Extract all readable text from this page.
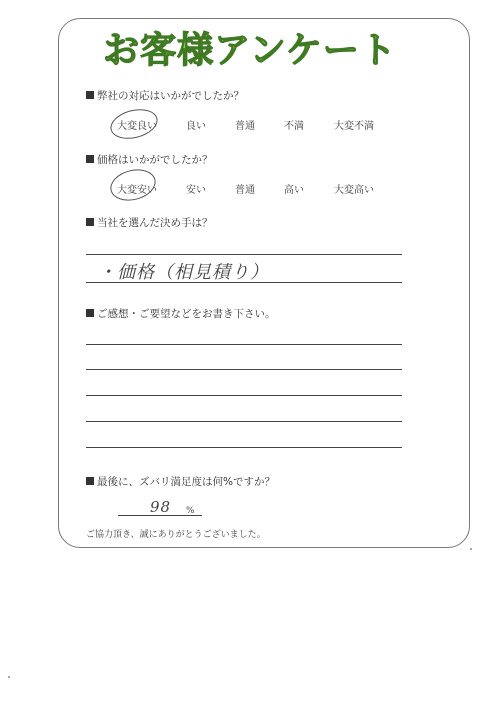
お客様アンケート
弊社の対応はいかがでしたか？
大変良い	良い	普通	不満	大変不満
価格はいかがでしたか？
大変安い	安い	普通	高い	大変高い
当社を選んだ決め手は？
・価格（相見積り）
ご感想・ご要望などをお書き下さい。
最後に、ズバリ満足度は何%ですか？
98 %
ご協力頂き、誠にありがとうございました。
